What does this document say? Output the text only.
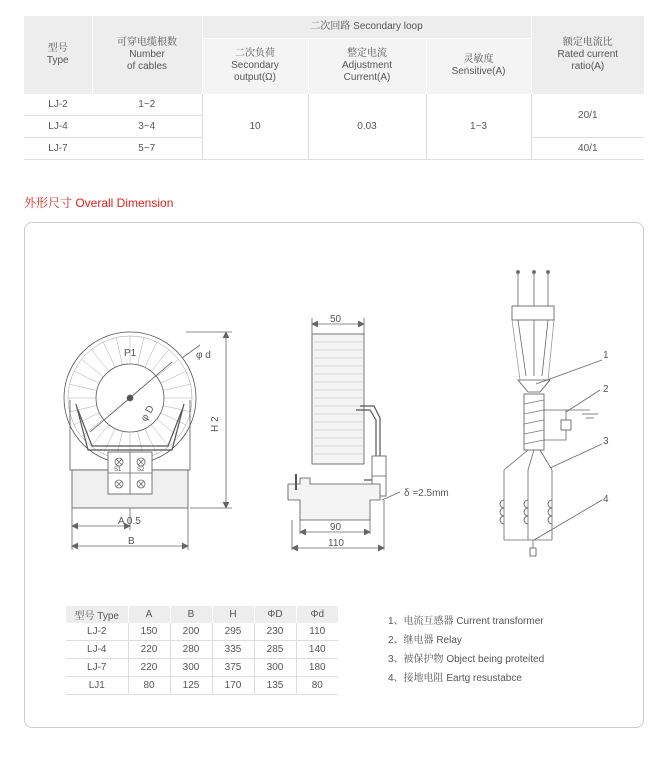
型号
Type	可穿电缆根数
Number
of cables	二次回路 Secondary loop			额定电流比
Rated current
ratio(A)

		二次负荷
Secondary
output(Ω)	整定电流
Adjustment
Current(A)	灵敏度
Sensitive(A)	

LJ-2	1~2	10	0.03	1~3	20/1
LJ-4	3~4				
LJ-7	5~7				40/1
外形尺寸 Overall Dimension
P1	φ d
φ D
S1	S2
H 2
A 0.5
B
50
90
110
δ =2.5mm
1
2
3
4
型号 Type	A	B	H	ΦD	Φd
LJ-2	150	200	295	230	110
LJ-4	220	280	335	285	140
LJ-7	220	300	375	300	180
LJ1	80	125	170	135	80
1、电流互感器 Current transformer
2、继电器 Relay
3、被保护物 Object being proteited
4、接地电阻 Eartg resustabce
